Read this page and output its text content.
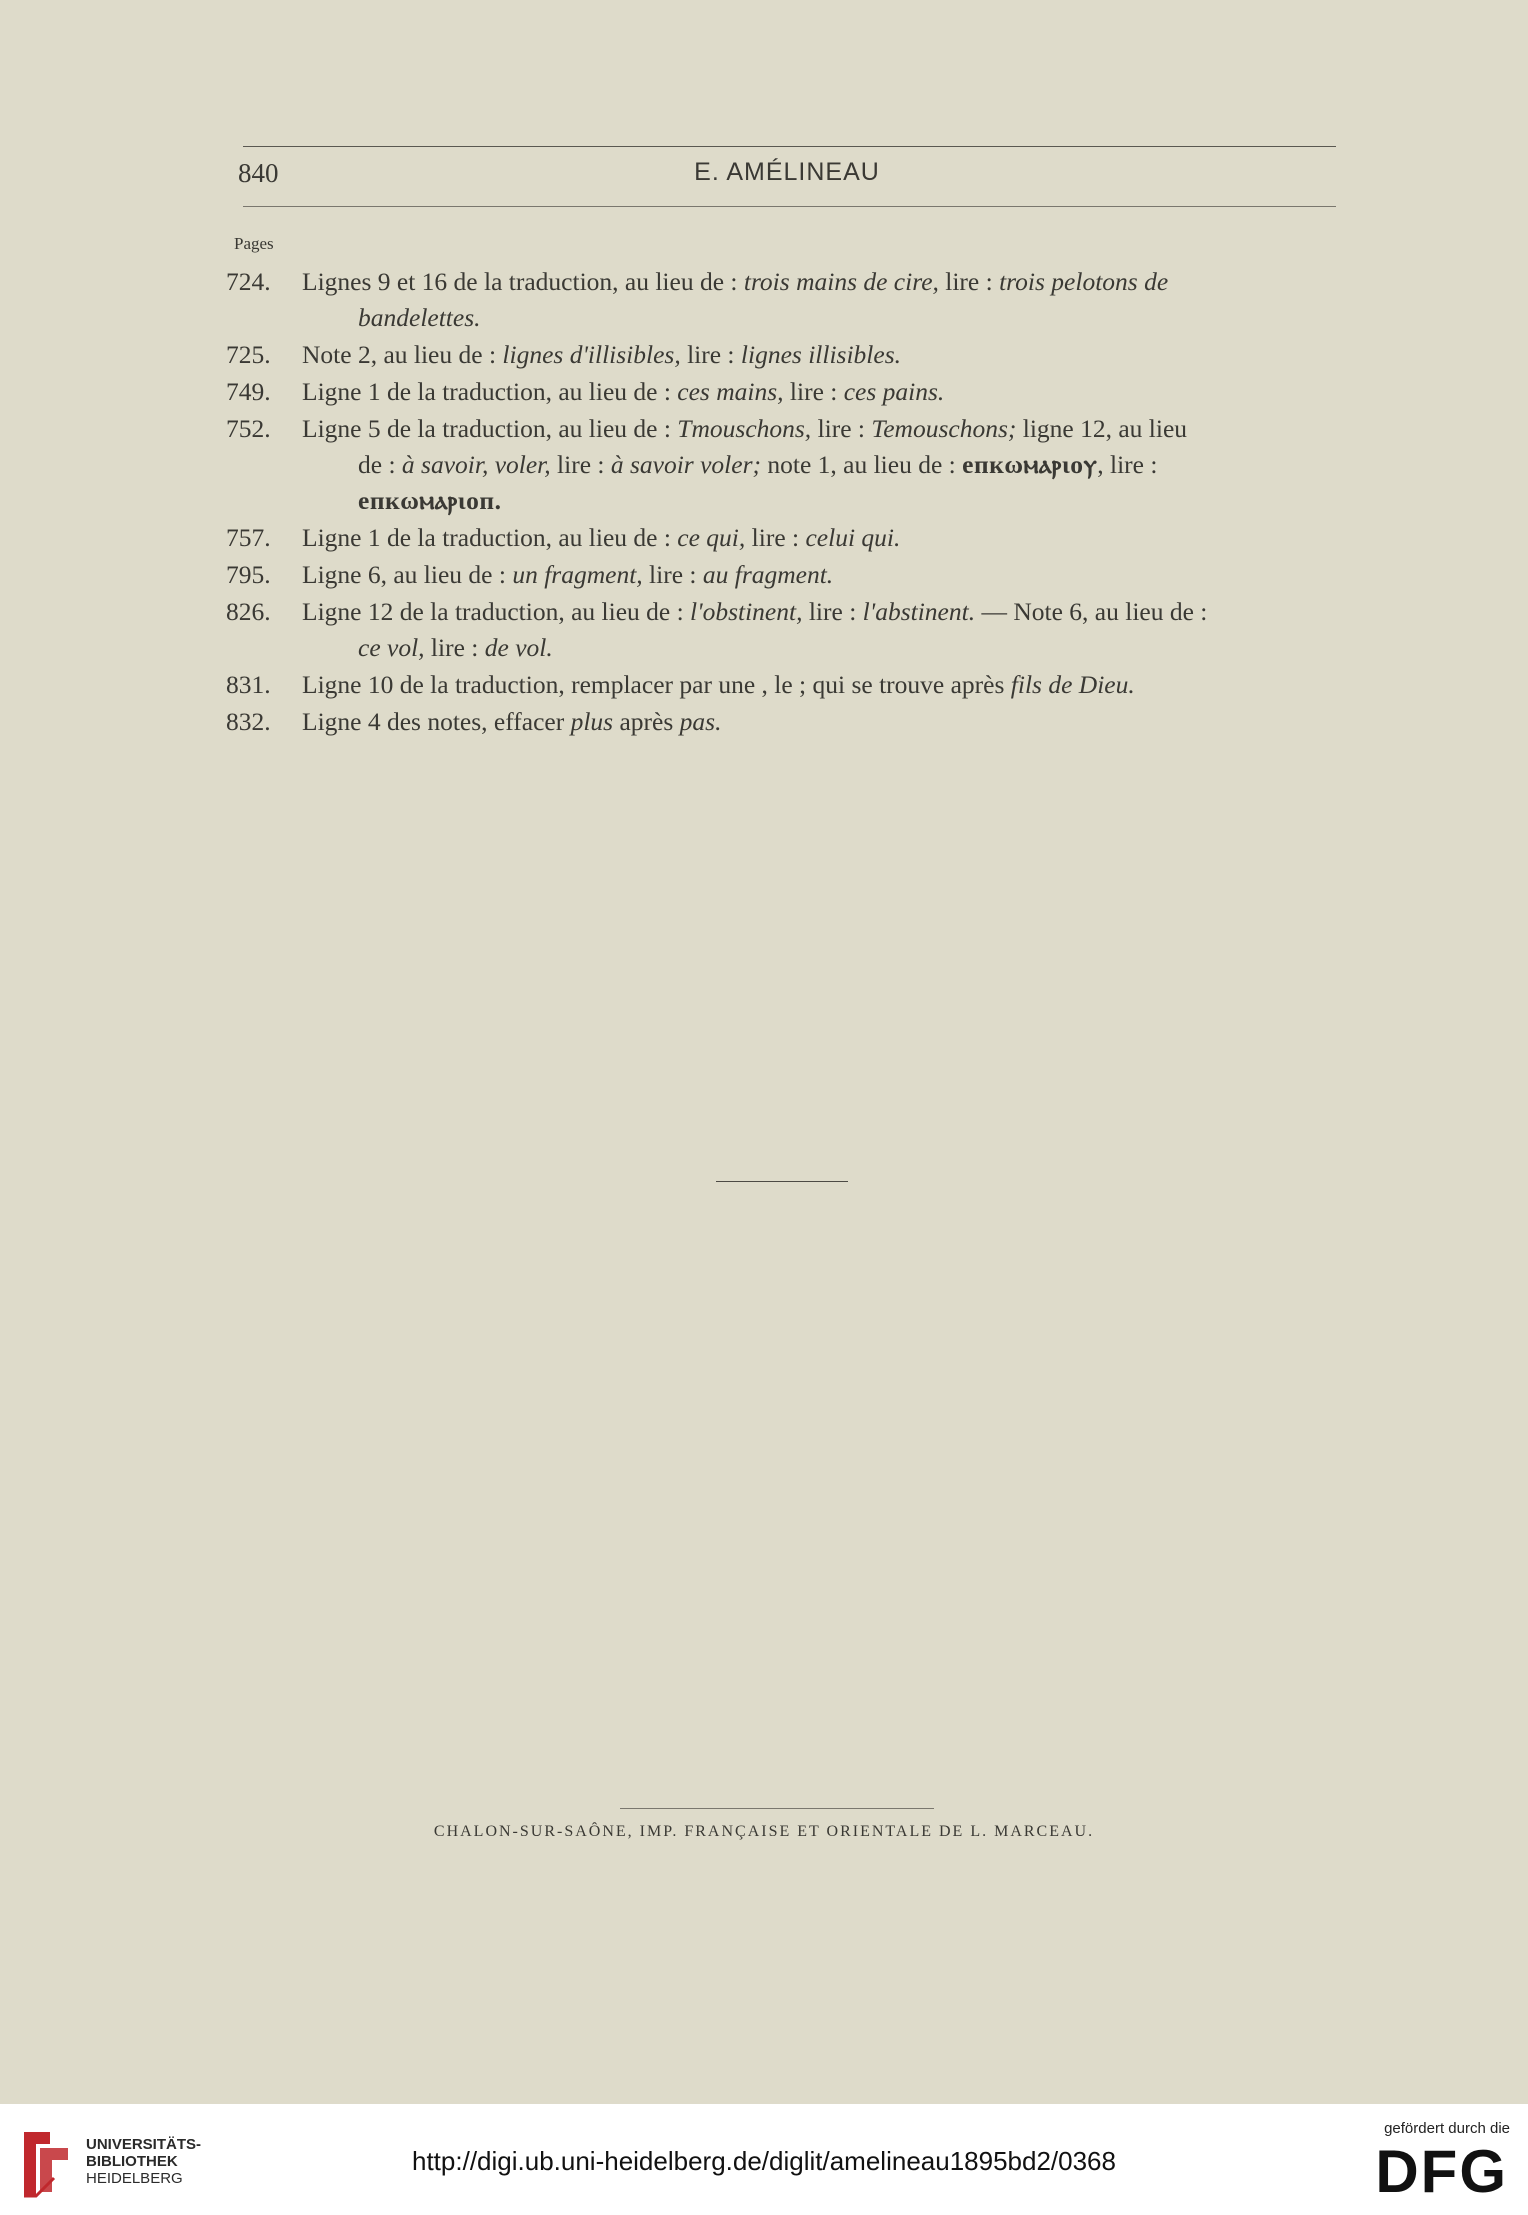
840	E. AMÉLINEAU
Pages
724. Lignes 9 et 16 de la traduction, au lieu de : trois mains de cire, lire : trois pelotons de
bandelettes.
725. Note 2, au lieu de : lignes d'illisibles, lire : lignes illisibles.
749. Ligne 1 de la traduction, au lieu de : ces mains, lire : ces pains.
752. Ligne 5 de la traduction, au lieu de : Tmouschons, lire : Temouschons; ligne 12, au lieu
de : à savoir, voler, lire : à savoir voler; note 1, au lieu de : епкωⲙⲁⲣιоⲩ, lire :
епкωⲙⲁⲣιоп.
757. Ligne 1 de la traduction, au lieu de : ce qui, lire : celui qui.
795. Ligne 6, au lieu de : un fragment, lire : au fragment.
826. Ligne 12 de la traduction, au lieu de : l'obstinent, lire : l'abstinent. — Note 6, au lieu de :
ce vol, lire : de vol.
831. Ligne 10 de la traduction, remplacer par une , le ; qui se trouve après fils de Dieu.
832. Ligne 4 des notes, effacer plus après pas.
CHALON-SUR-SAÔNE, IMP. FRANÇAISE ET ORIENTALE DE L. MARCEAU.
UNIVERSITÄTS-
BIBLIOTHEK
HEIDELBERG
http://digi.ub.uni-heidelberg.de/diglit/amelineau1895bd2/0368
gefördert durch die
DFG
